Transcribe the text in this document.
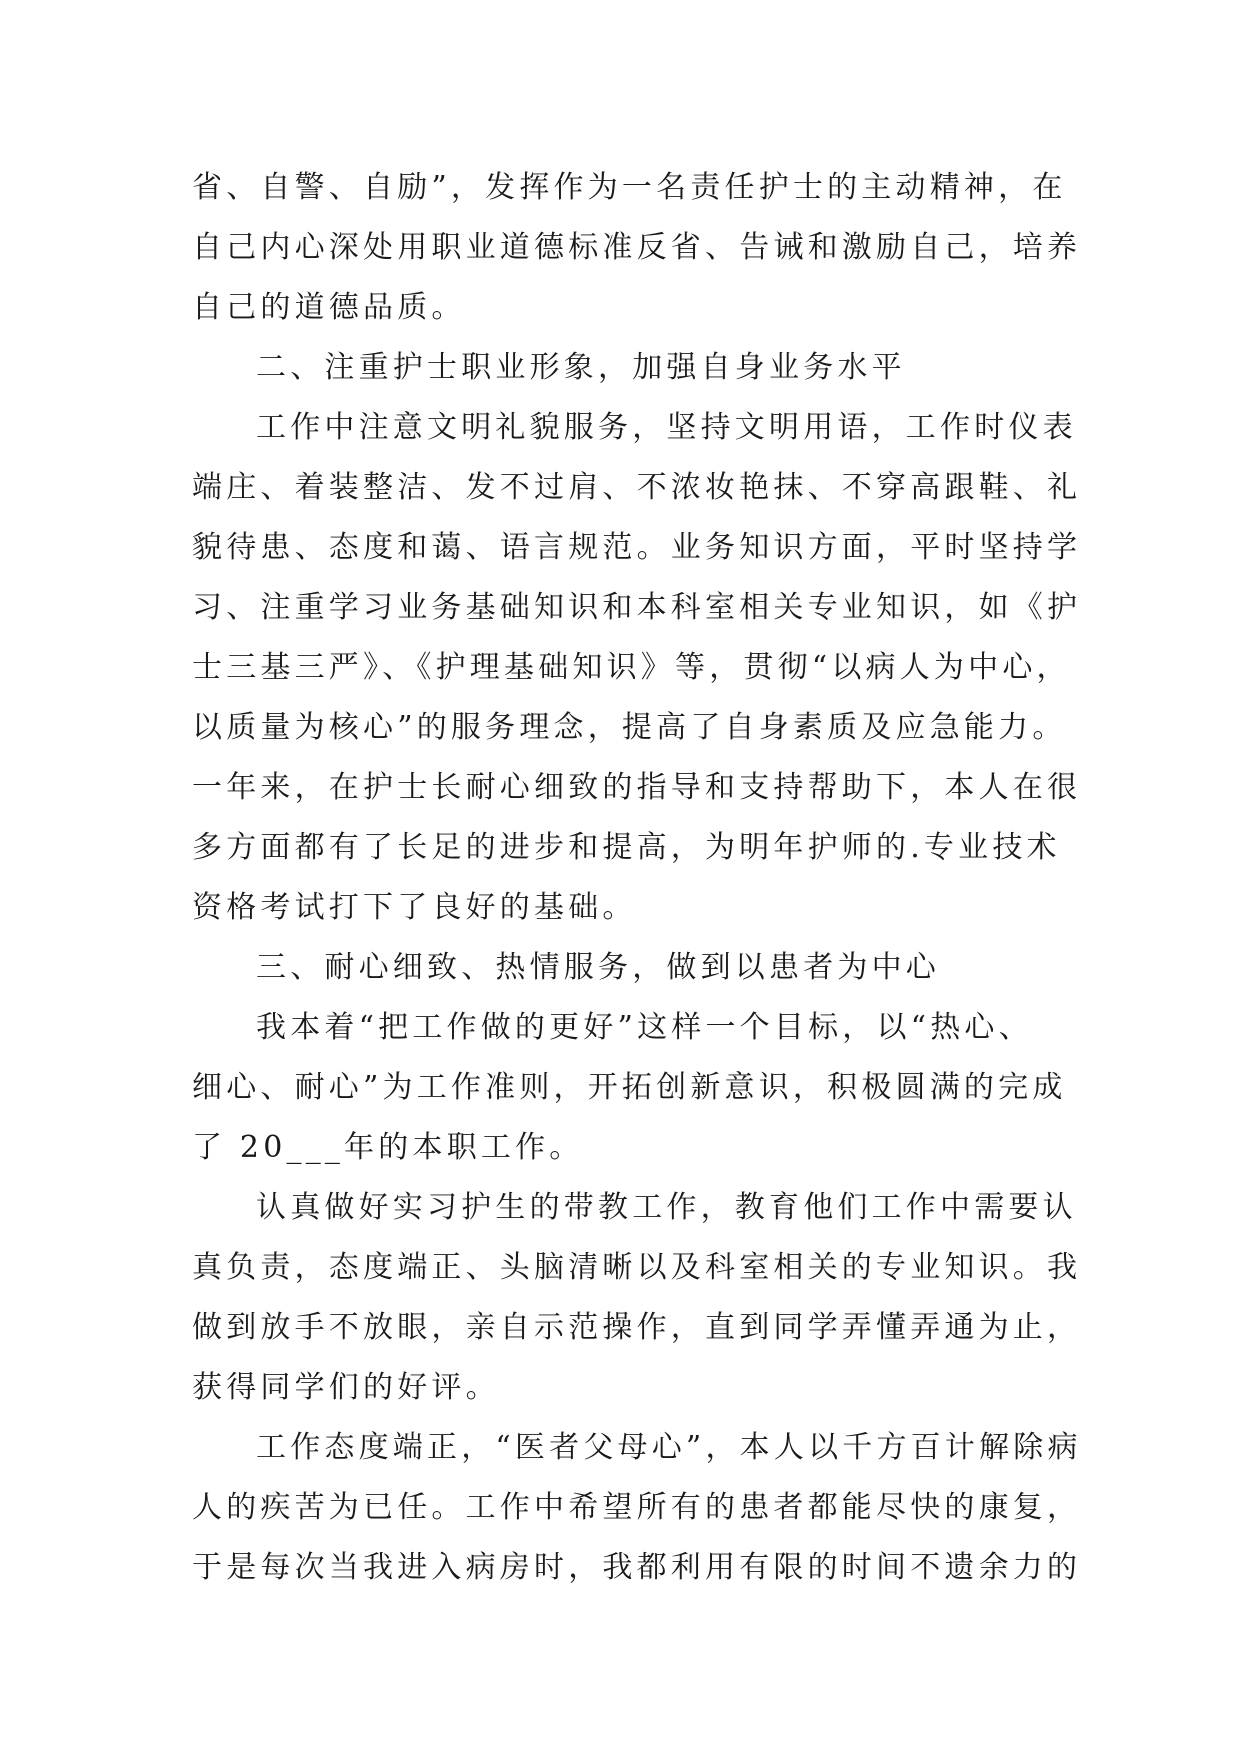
省、自警、自励”，发挥作为一名责任护士的主动精神，在
自己内心深处用职业道德标准反省、告诫和激励自己，培养
自己的道德品质。
二、注重护士职业形象，加强自身业务水平
工作中注意文明礼貌服务，坚持文明用语，工作时仪表
端庄、着装整洁、发不过肩、不浓妆艳抹、不穿高跟鞋、礼
貌待患、态度和蔼、语言规范。业务知识方面，平时坚持学
习、注重学习业务基础知识和本科室相关专业知识，如《护
士三基三严》、《护理基础知识》等，贯彻“以病人为中心，
以质量为核心”的服务理念，提高了自身素质及应急能力。
一年来，在护士长耐心细致的指导和支持帮助下，本人在很
多方面都有了长足的进步和提高，为明年护师的.专业技术
资格考试打下了良好的基础。
三、耐心细致、热情服务，做到以患者为中心
我本着“把工作做的更好”这样一个目标，以“热心、
细心、耐心”为工作准则，开拓创新意识，积极圆满的完成
了 20___年的本职工作。
认真做好实习护生的带教工作，教育他们工作中需要认
真负责，态度端正、头脑清晰以及科室相关的专业知识。我
做到放手不放眼，亲自示范操作，直到同学弄懂弄通为止，
获得同学们的好评。
工作态度端正，“医者父母心”，本人以千方百计解除病
人的疾苦为已任。工作中希望所有的患者都能尽快的康复，
于是每次当我进入病房时，我都利用有限的时间不遗余力的
